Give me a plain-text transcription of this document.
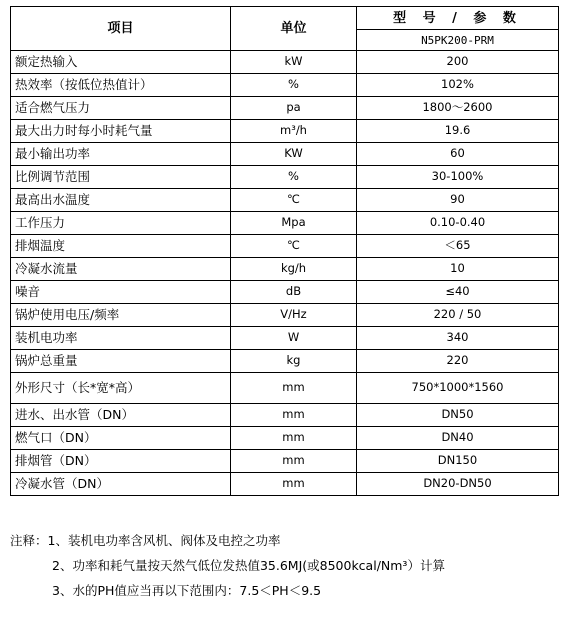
项目	单位	型 号 / 参 数
		N5PK200-PRM
额定热输入	kW	200
热效率（按低位热值计）	%	102%
适合燃气压力	pa	1800～2600
最大出力时每小时耗气量	m³/h	19.6
最小输出功率	KW	60
比例调节范围	%	30-100%
最高出水温度	℃	90
工作压力	Mpa	0.10-0.40
排烟温度	℃	＜65
冷凝水流量	kg/h	10
噪音	dB	≤40
锅炉使用电压/频率	V/Hz	220 / 50
装机电功率	W	340
锅炉总重量	kg	220
外形尺寸（长*宽*高）	mm	750*1000*1560
进水、出水管（DN）	mm	DN50
燃气口（DN）	mm	DN40
排烟管（DN）	mm	DN150
冷凝水管（DN）	mm	DN20-DN50
注释：1、装机电功率含风机、阀体及电控之功率
2、功率和耗气量按天然气低位发热值35.6MJ(或8500kcal/Nm³）计算
3、水的PH值应当再以下范围内：7.5＜PH＜9.5
